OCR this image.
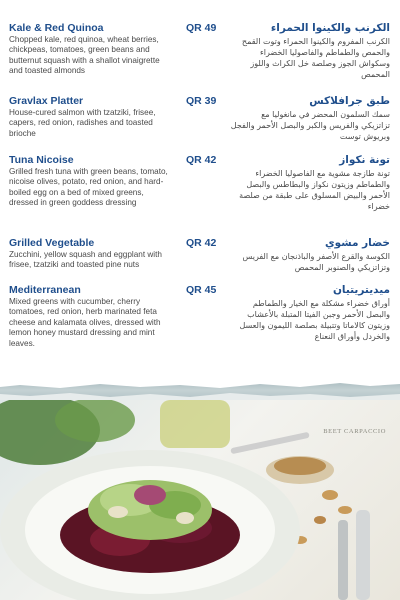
Kale & Red Quinoa	QR 49
Chopped kale, red quinoa, wheat berries, chickpeas, tomatoes, green beans and butternut squash with a shallot vinaigrette and toasted almonds
الكرنب والكينوا الحمراء
الكرنب المفروم والكينوا الحمراء وتوت القمح والحمص والطماطم والفاصوليا الخضراء وسكواش الجوز وصلصة خل الكراث واللوز المحمص
Gravlax Platter	QR 39
House-cured salmon with tzatziki, frisee, capers, red onion, radishes and toasted brioche
طبق جرافلاكس
سمك السلمون المحضر في مانغوليا مع تزاتزيكي والفريس والكبر والبصل الأحمر والفجل وبريوش توست
Tuna Nicoise	QR 42
Grilled fresh tuna with green beans, tomato, nicoise olives, potato, red onion, and hard-boiled egg on a bed of mixed greens, dressed in green goddess dressing
تونة نكواز
تونة طازجة مشوية مع الفاصوليا الخضراء والطماطم وزيتون نكواز والبطاطس والبصل الأحمر والبيض المسلوق على طبقة من صلصة خضراء
Grilled Vegetable	QR 42
Zucchini, yellow squash and eggplant with frisee, tzatziki and toasted pine nuts
خضار مشوي
الكوسة والقرع الأصفر والباذنجان مع الفريس وتزاتزيكي والصنوبر المحمص
Mediterranean	QR 45
Mixed greens with cucumber, cherry tomatoes, red onion, herb marinated feta cheese and kalamata olives, dressed with lemon honey mustard dressing and mint leaves.
ميديتريتيان
أوراق خضراء مشكلة مع الخيار والطماطم والبصل الأحمر وجبن الفيتا المتبلة بالأعشاب وزيتون كالاماتا وتتبيلة بصلصة الليمون والعسل والخردل وأوراق النعناع
BEET CARPACCIO
